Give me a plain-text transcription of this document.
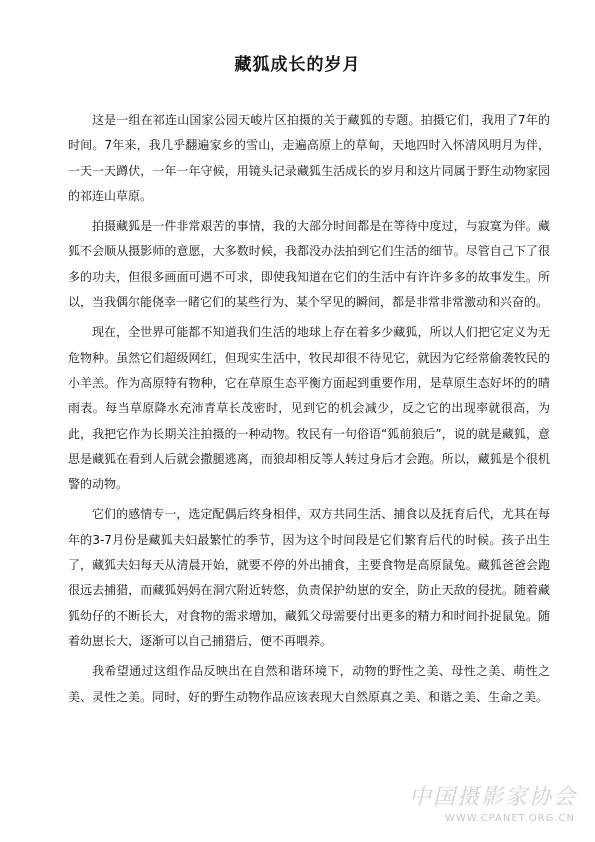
藏狐成长的岁月

这是一组在祁连山国家公园天峻片区拍摄的关于藏狐的专题。拍摄它们，我用了7年的时间。7年来，我几乎翻遍家乡的雪山，走遍高原上的草甸，天地四时入怀清风明月为伴，一天一天蹲伏，一年一年守候，用镜头记录藏狐生活成长的岁月和这片同属于野生动物家园的祁连山草原。

拍摄藏狐是一件非常艰苦的事情，我的大部分时间都是在等待中度过，与寂寞为伴。藏狐不会顺从摄影师的意愿，大多数时候，我都没办法拍到它们生活的细节。尽管自己下了很多的功夫，但很多画面可遇不可求，即使我知道在它们的生活中有许许多多的故事发生。所以，当我偶尔能侥幸一睹它们的某些行为、某个罕见的瞬间，都是非常非常激动和兴奋的。

现在，全世界可能都不知道我们生活的地球上存在着多少藏狐，所以人们把它定义为无危物种。虽然它们超级网红，但现实生活中，牧民却很不待见它，就因为它经常偷袭牧民的小羊羔。作为高原特有物种，它在草原生态平衡方面起到重要作用，是草原生态好坏的的晴雨表。每当草原降水充沛青草长茂密时，见到它的机会减少，反之它的出现率就很高，为此，我把它作为长期关注拍摄的一种动物。牧民有一句俗语“狐前狼后”，说的就是藏狐，意思是藏狐在看到人后就会撒腿逃离，而狼却相反等人转过身后才会跑。所以，藏狐是个很机警的动物。

它们的感情专一，选定配偶后终身相伴，双方共同生活、捕食以及抚育后代，尤其在每年的3-7月份是藏狐夫妇最繁忙的季节，因为这个时间段是它们繁育后代的时候。孩子出生了，藏狐夫妇每天从清晨开始，就要不停的外出捕食，主要食物是高原鼠兔。藏狐爸爸会跑很远去捕猎，而藏狐妈妈在洞穴附近转悠，负责保护幼崽的安全，防止天敌的侵扰。随着藏狐幼仔的不断长大，对食物的需求增加，藏狐父母需要付出更多的精力和时间扑捉鼠兔。随着幼崽长大，逐渐可以自己捕猎后，便不再喂养。

我希望通过这组作品反映出在自然和谐环境下，动物的野性之美、母性之美、萌性之美、灵性之美。同时，好的野生动物作品应该表现大自然原真之美、和谐之美、生命之美。

中国摄影家协会
WWW.CPANET.ORG.CN
